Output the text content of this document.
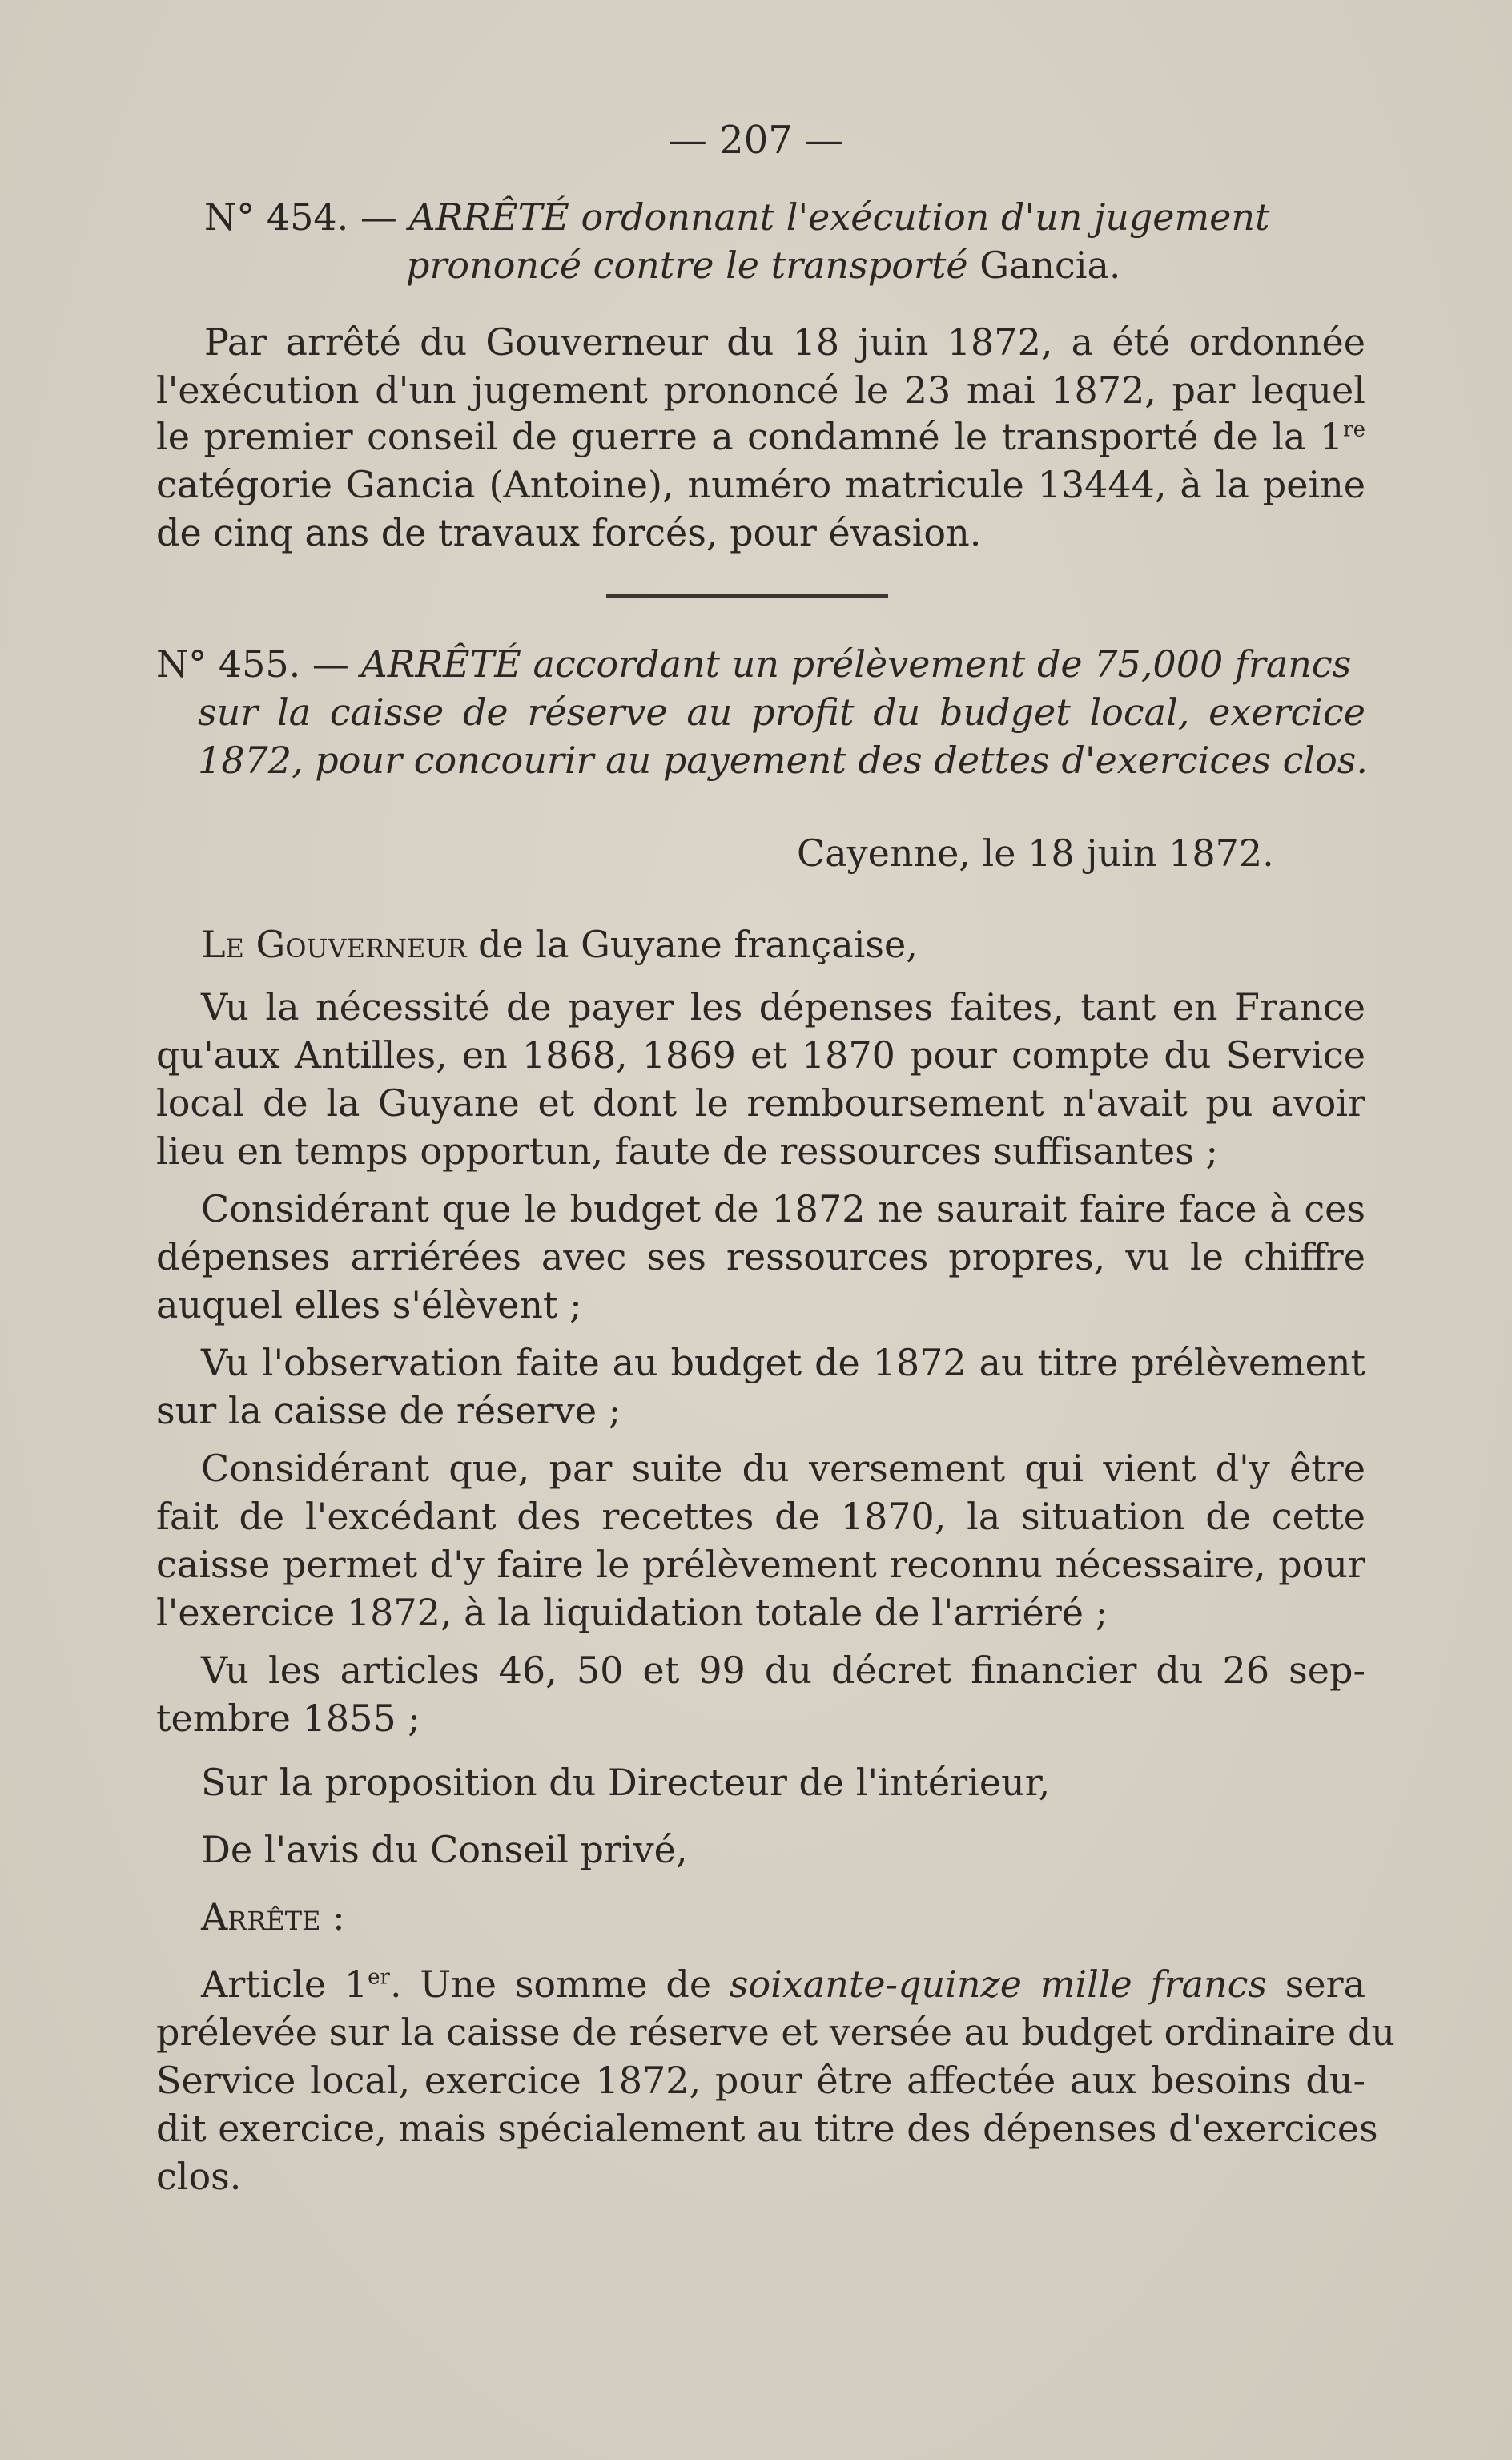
— 207 —
N° 454. — ARRÊTÉ ordonnant l'exécution d'un jugement
prononcé contre le transporté Gancia.
Par arrêté du Gouverneur du 18 juin 1872, a été ordonnée
l'exécution d'un jugement prononcé le 23 mai 1872, par lequel
le premier conseil de guerre a condamné le transporté de la 1re
catégorie Gancia (Antoine), numéro matricule 13444, à la peine
de cinq ans de travaux forcés, pour évasion.
N° 455. — ARRÊTÉ accordant un prélèvement de 75,000 francs
sur la caisse de réserve au profit du budget local, exercice
1872, pour concourir au payement des dettes d'exercices clos.
Cayenne, le 18 juin 1872.
Le Gouverneur de la Guyane française,
Vu la nécessité de payer les dépenses faites, tant en France
qu'aux Antilles, en 1868, 1869 et 1870 pour compte du Service
local de la Guyane et dont le remboursement n'avait pu avoir
lieu en temps opportun, faute de ressources suffisantes ;
Considérant que le budget de 1872 ne saurait faire face à ces
dépenses arriérées avec ses ressources propres, vu le chiffre
auquel elles s'élèvent ;
Vu l'observation faite au budget de 1872 au titre prélèvement
sur la caisse de réserve ;
Considérant que, par suite du versement qui vient d'y être
fait de l'excédant des recettes de 1870, la situation de cette
caisse permet d'y faire le prélèvement reconnu nécessaire, pour
l'exercice 1872, à la liquidation totale de l'arriéré ;
Vu les articles 46, 50 et 99 du décret financier du 26 sep-
tembre 1855 ;
Sur la proposition du Directeur de l'intérieur,
De l'avis du Conseil privé,
Arrête :
Article 1er. Une somme de soixante-quinze mille francs sera
prélevée sur la caisse de réserve et versée au budget ordinaire du
Service local, exercice 1872, pour être affectée aux besoins du-
dit exercice, mais spécialement au titre des dépenses d'exercices
clos.
